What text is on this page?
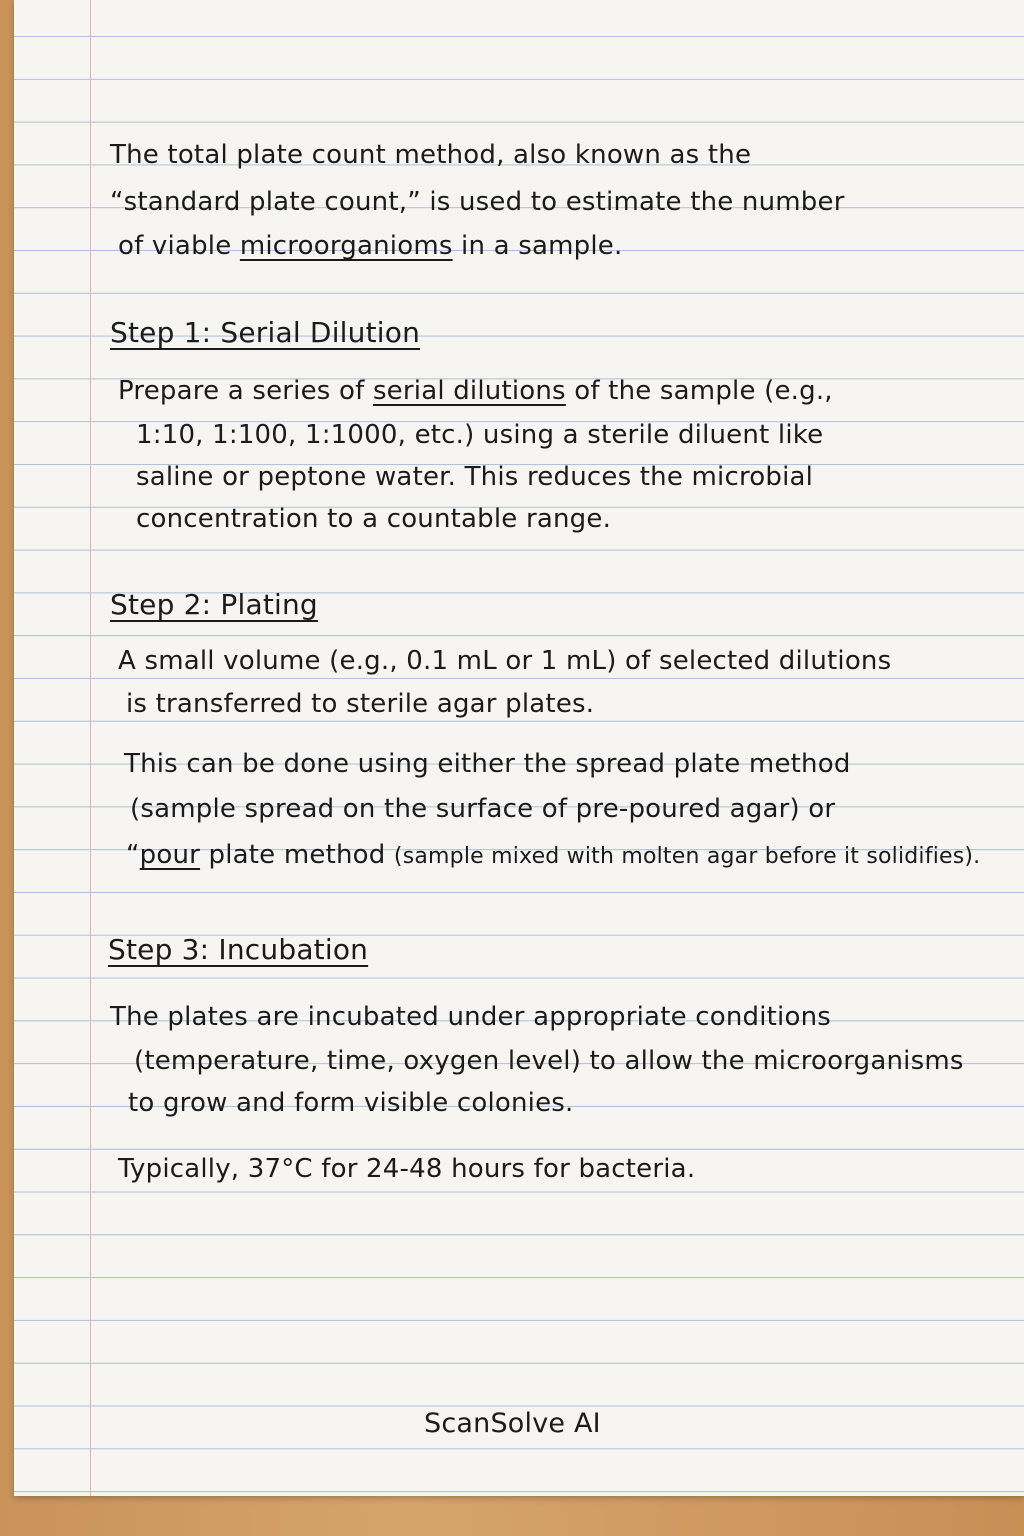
The total plate count method, also known as the
“standard plate count,” is used to estimate the number
of viable microorganioms in a sample.
Step 1: Serial Dilution
Prepare a series of serial dilutions of the sample (e.g.,
1:10, 1:100, 1:1000, etc.) using a sterile diluent like
saline or peptone water. This reduces the microbial
concentration to a countable range.
Step 2: Plating
A small volume (e.g., 0.1 mL or 1 mL) of selected dilutions
is transferred to sterile agar plates.
This can be done using either the spread plate method
(sample spread on the surface of pre-poured agar) or
“pour plate method (sample mixed with molten agar before it solidifies).
Step 3: Incubation
The plates are incubated under appropriate conditions
(temperature, time, oxygen level) to allow the microorganisms
to grow and form visible colonies.
Typically, 37°C for 24-48 hours for bacteria.
ScanSolve AI
